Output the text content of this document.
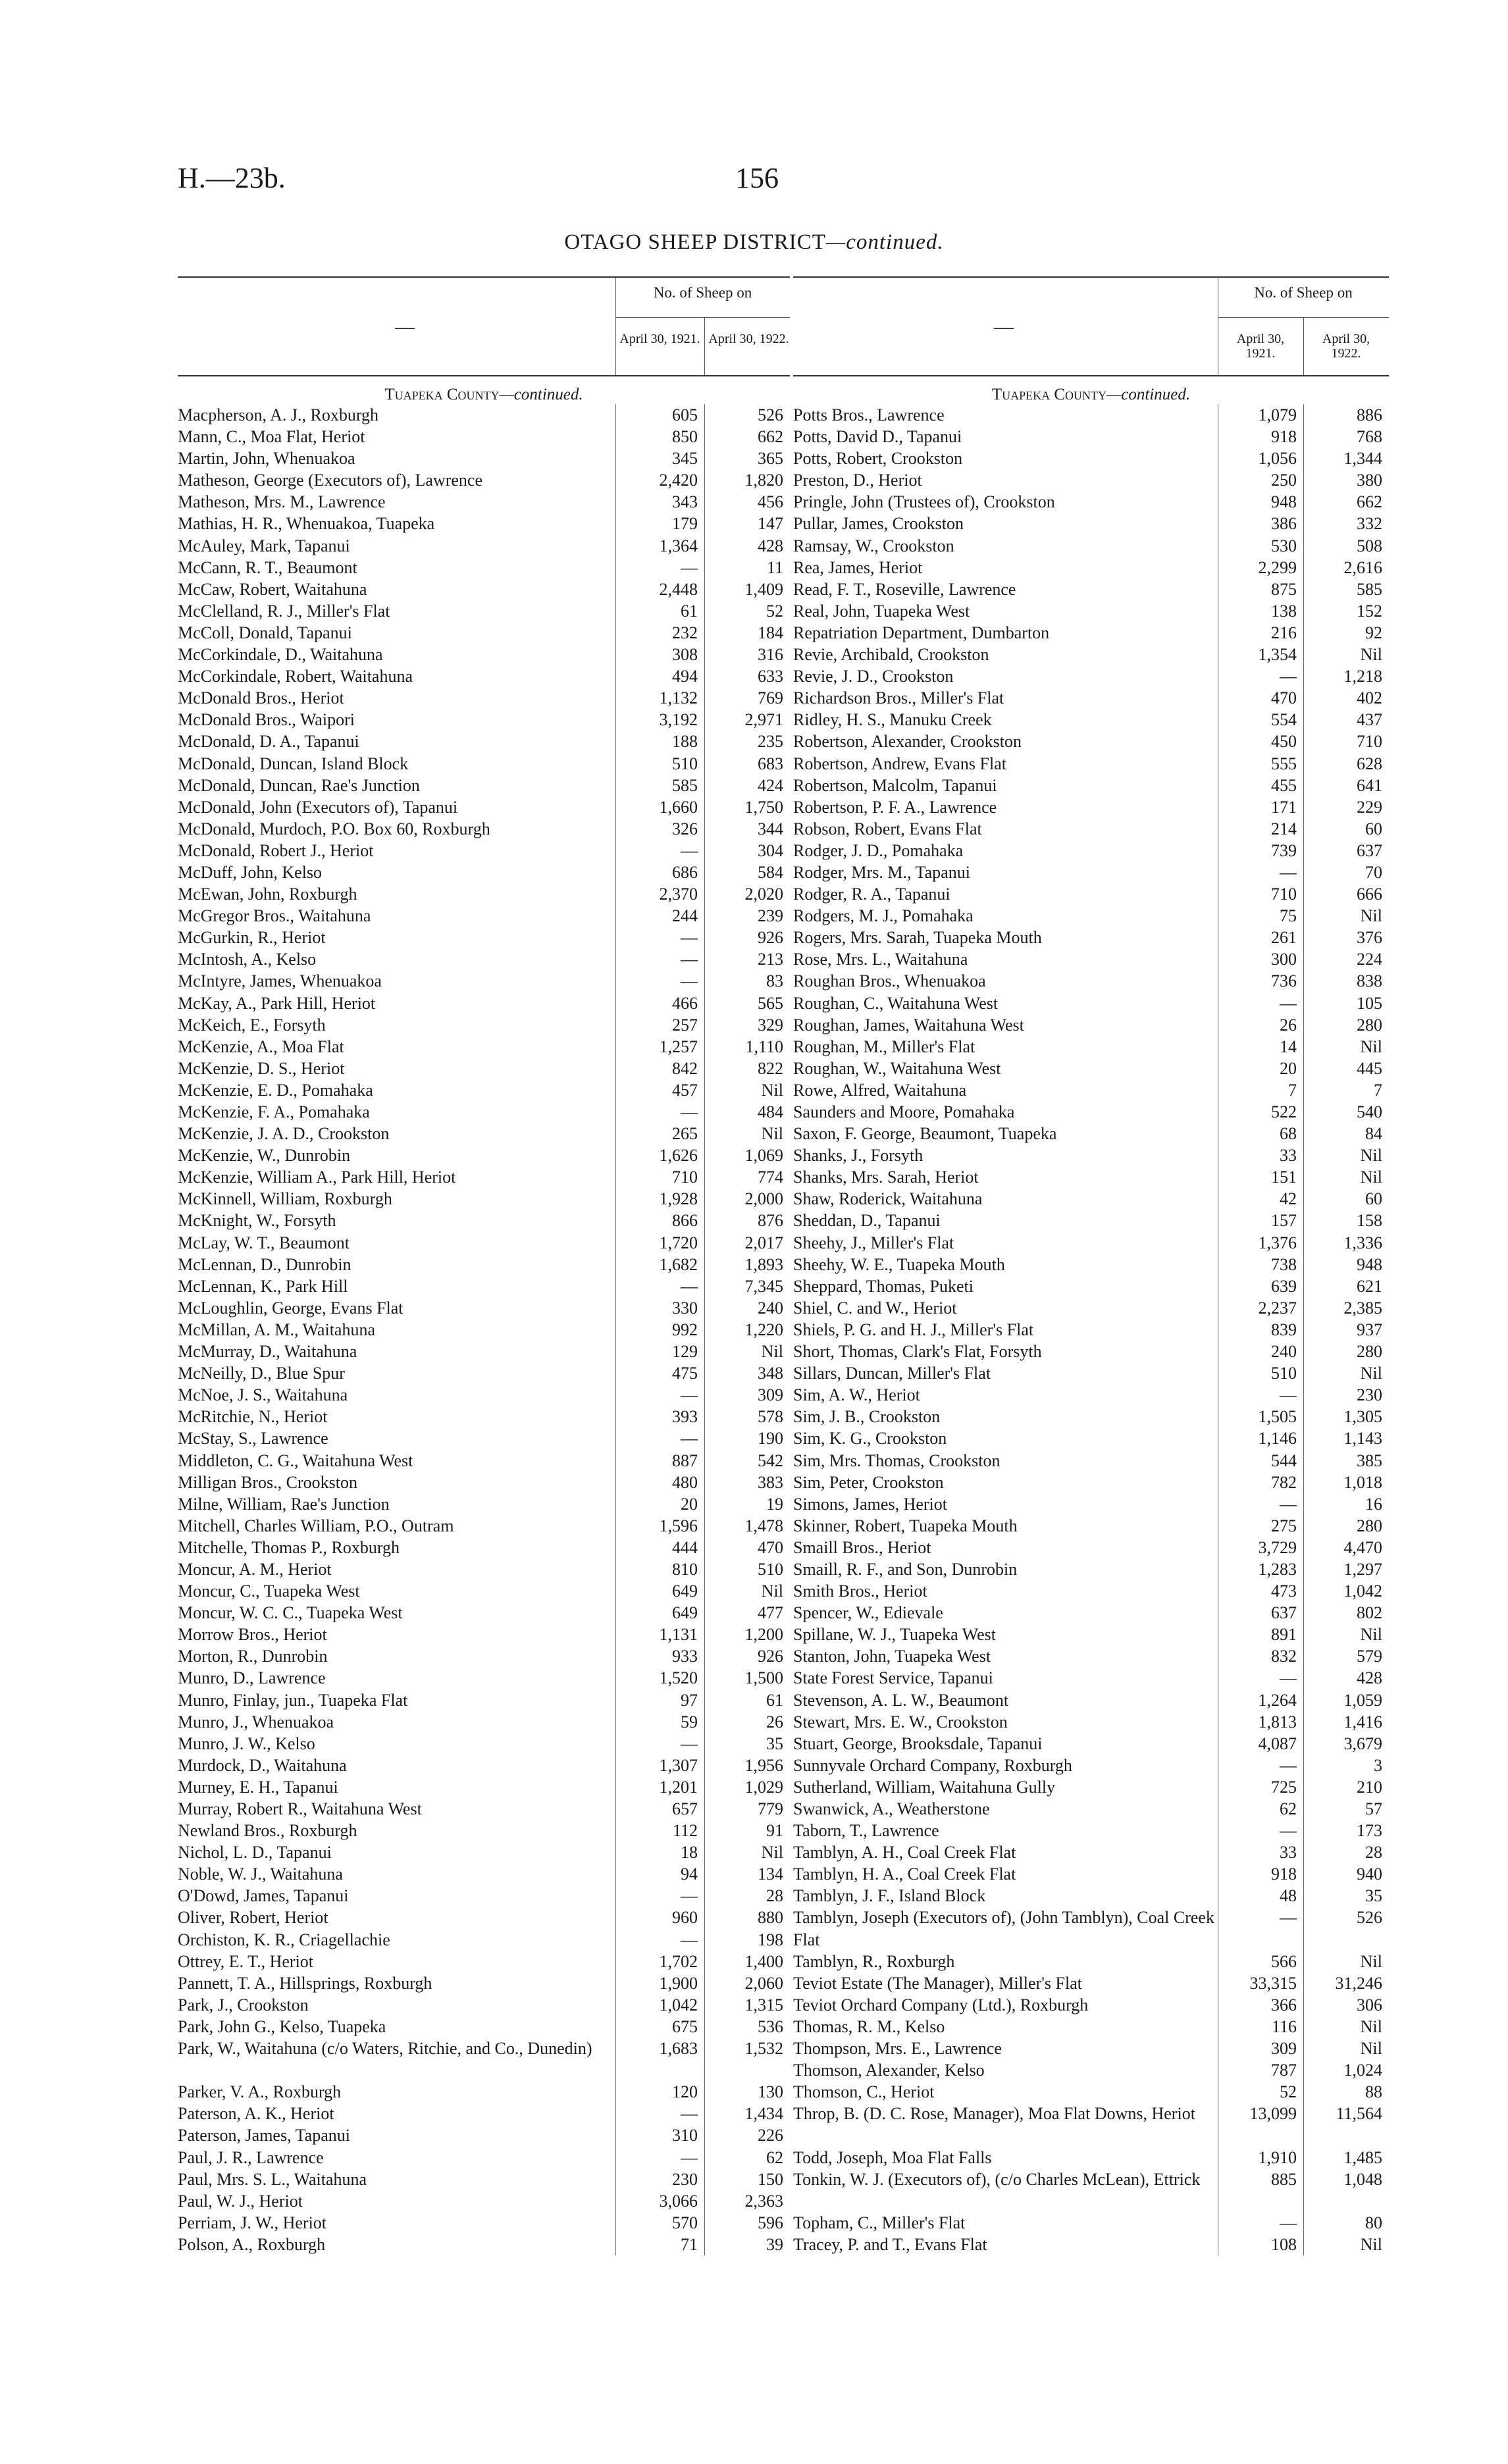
H.—23b.	156
OTAGO SHEEP DISTRICT—continued.
—
No. of Sheep on
April 30, 1921. April 30, 1922.
Tuapeka County—continued.
Macpherson, A. J., Roxburgh	605	526
Mann, C., Moa Flat, Heriot	850	662
Martin, John, Whenuakoa	345	365
Matheson, George (Executors of), Lawrence	2,420	1,820
Matheson, Mrs. M., Lawrence	343	456
Mathias, H. R., Whenuakoa, Tuapeka	179	147
McAuley, Mark, Tapanui	1,364	428
McCann, R. T., Beaumont	—	11
McCaw, Robert, Waitahuna	2,448	1,409
McClelland, R. J., Miller's Flat	61	52
McColl, Donald, Tapanui	232	184
McCorkindale, D., Waitahuna	308	316
McCorkindale, Robert, Waitahuna	494	633
McDonald Bros., Heriot	1,132	769
McDonald Bros., Waipori	3,192	2,971
McDonald, D. A., Tapanui	188	235
McDonald, Duncan, Island Block	510	683
McDonald, Duncan, Rae's Junction	585	424
McDonald, John (Executors of), Tapanui	1,660	1,750
McDonald, Murdoch, P.O. Box 60, Roxburgh	326	344
McDonald, Robert J., Heriot	—	304
McDuff, John, Kelso	686	584
McEwan, John, Roxburgh	2,370	2,020
McGregor Bros., Waitahuna	244	239
McGurkin, R., Heriot	—	926
McIntosh, A., Kelso	—	213
McIntyre, James, Whenuakoa	—	83
McKay, A., Park Hill, Heriot	466	565
McKeich, E., Forsyth	257	329
McKenzie, A., Moa Flat	1,257	1,110
McKenzie, D. S., Heriot	842	822
McKenzie, E. D., Pomahaka	457	Nil
McKenzie, F. A., Pomahaka	—	484
McKenzie, J. A. D., Crookston	265	Nil
McKenzie, W., Dunrobin	1,626	1,069
McKenzie, William A., Park Hill, Heriot	710	774
McKinnell, William, Roxburgh	1,928	2,000
McKnight, W., Forsyth	866	876
McLay, W. T., Beaumont	1,720	2,017
McLennan, D., Dunrobin	1,682	1,893
McLennan, K., Park Hill	—	7,345
McLoughlin, George, Evans Flat	330	240
McMillan, A. M., Waitahuna	992	1,220
McMurray, D., Waitahuna	129	Nil
McNeilly, D., Blue Spur	475	348
McNoe, J. S., Waitahuna	—	309
McRitchie, N., Heriot	393	578
McStay, S., Lawrence	—	190
Middleton, C. G., Waitahuna West	887	542
Milligan Bros., Crookston	480	383
Milne, William, Rae's Junction	20	19
Mitchell, Charles William, P.O., Outram	1,596	1,478
Mitchelle, Thomas P., Roxburgh	444	470
Moncur, A. M., Heriot	810	510
Moncur, C., Tuapeka West	649	Nil
Moncur, W. C. C., Tuapeka West	649	477
Morrow Bros., Heriot	1,131	1,200
Morton, R., Dunrobin	933	926
Munro, D., Lawrence	1,520	1,500
Munro, Finlay, jun., Tuapeka Flat	97	61
Munro, J., Whenuakoa	59	26
Munro, J. W., Kelso	—	35
Murdock, D., Waitahuna	1,307	1,956
Murney, E. H., Tapanui	1,201	1,029
Murray, Robert R., Waitahuna West	657	779
Newland Bros., Roxburgh	112	91
Nichol, L. D., Tapanui	18	Nil
Noble, W. J., Waitahuna	94	134
O'Dowd, James, Tapanui	—	28
Oliver, Robert, Heriot	960	880
Orchiston, K. R., Criagellachie	—	198
Ottrey, E. T., Heriot	1,702	1,400
Pannett, T. A., Hillsprings, Roxburgh	1,900	2,060
Park, J., Crookston	1,042	1,315
Park, John G., Kelso, Tuapeka	675	536
Park, W., Waitahuna (c/o Waters, Ritchie, and Co., Dunedin)	1,683	1,532
Parker, V. A., Roxburgh	120	130
Paterson, A. K., Heriot	—	1,434
Paterson, James, Tapanui	310	226
Paul, J. R., Lawrence	—	62
Paul, Mrs. S. L., Waitahuna	230	150
Paul, W. J., Heriot	3,066	2,363
Perriam, J. W., Heriot	570	596
Polson, A., Roxburgh	71	39
—
No. of Sheep on
April 30, 1921.
April 30, 1922.
Tuapeka County—continued.
Potts Bros., Lawrence	1,079	886
Potts, David D., Tapanui	918	768
Potts, Robert, Crookston	1,056	1,344
Preston, D., Heriot	250	380
Pringle, John (Trustees of), Crookston	948	662
Pullar, James, Crookston	386	332
Ramsay, W., Crookston	530	508
Rea, James, Heriot	2,299	2,616
Read, F. T., Roseville, Lawrence	875	585
Real, John, Tuapeka West	138	152
Repatriation Department, Dumbarton	216	92
Revie, Archibald, Crookston	1,354	Nil
Revie, J. D., Crookston	—	1,218
Richardson Bros., Miller's Flat	470	402
Ridley, H. S., Manuku Creek	554	437
Robertson, Alexander, Crookston	450	710
Robertson, Andrew, Evans Flat	555	628
Robertson, Malcolm, Tapanui	455	641
Robertson, P. F. A., Lawrence	171	229
Robson, Robert, Evans Flat	214	60
Rodger, J. D., Pomahaka	739	637
Rodger, Mrs. M., Tapanui	—	70
Rodger, R. A., Tapanui	710	666
Rodgers, M. J., Pomahaka	75	Nil
Rogers, Mrs. Sarah, Tuapeka Mouth	261	376
Rose, Mrs. L., Waitahuna	300	224
Roughan Bros., Whenuakoa	736	838
Roughan, C., Waitahuna West	—	105
Roughan, James, Waitahuna West	26	280
Roughan, M., Miller's Flat	14	Nil
Roughan, W., Waitahuna West	20	445
Rowe, Alfred, Waitahuna	7	7
Saunders and Moore, Pomahaka	522	540
Saxon, F. George, Beaumont, Tuapeka	68	84
Shanks, J., Forsyth	33	Nil
Shanks, Mrs. Sarah, Heriot	151	Nil
Shaw, Roderick, Waitahuna	42	60
Sheddan, D., Tapanui	157	158
Sheehy, J., Miller's Flat	1,376	1,336
Sheehy, W. E., Tuapeka Mouth	738	948
Sheppard, Thomas, Puketi	639	621
Shiel, C. and W., Heriot	2,237	2,385
Shiels, P. G. and H. J., Miller's Flat	839	937
Short, Thomas, Clark's Flat, Forsyth	240	280
Sillars, Duncan, Miller's Flat	510	Nil
Sim, A. W., Heriot	—	230
Sim, J. B., Crookston	1,505	1,305
Sim, K. G., Crookston	1,146	1,143
Sim, Mrs. Thomas, Crookston	544	385
Sim, Peter, Crookston	782	1,018
Simons, James, Heriot	—	16
Skinner, Robert, Tuapeka Mouth	275	280
Smaill Bros., Heriot	3,729	4,470
Smaill, R. F., and Son, Dunrobin	1,283	1,297
Smith Bros., Heriot	473	1,042
Spencer, W., Edievale	637	802
Spillane, W. J., Tuapeka West	891	Nil
Stanton, John, Tuapeka West	832	579
State Forest Service, Tapanui	—	428
Stevenson, A. L. W., Beaumont	1,264	1,059
Stewart, Mrs. E. W., Crookston	1,813	1,416
Stuart, George, Brooksdale, Tapanui	4,087	3,679
Sunnyvale Orchard Company, Roxburgh	—	3
Sutherland, William, Waitahuna Gully	725	210
Swanwick, A., Weatherstone	62	57
Taborn, T., Lawrence	—	173
Tamblyn, A. H., Coal Creek Flat	33	28
Tamblyn, H. A., Coal Creek Flat	918	940
Tamblyn, J. F., Island Block	48	35
Tamblyn, Joseph (Executors of), (John Tamblyn), Coal Creek Flat
—	526
Tamblyn, R., Roxburgh	566	Nil
Teviot Estate (The Manager), Miller's Flat	33,315	31,246
Teviot Orchard Company (Ltd.), Roxburgh	366	306
Thomas, R. M., Kelso	116	Nil
Thompson, Mrs. E., Lawrence	309	Nil
Thomson, Alexander, Kelso	787	1,024
Thomson, C., Heriot	52	88
Throp, B. (D. C. Rose, Manager), Moa Flat Downs, Heriot	13,099	11,564
Todd, Joseph, Moa Flat Falls	1,910	1,485
Tonkin, W. J. (Executors of), (c/o Charles McLean), Ettrick	885	1,048
Topham, C., Miller's Flat	—	80
Tracey, P. and T., Evans Flat	108	Nil
